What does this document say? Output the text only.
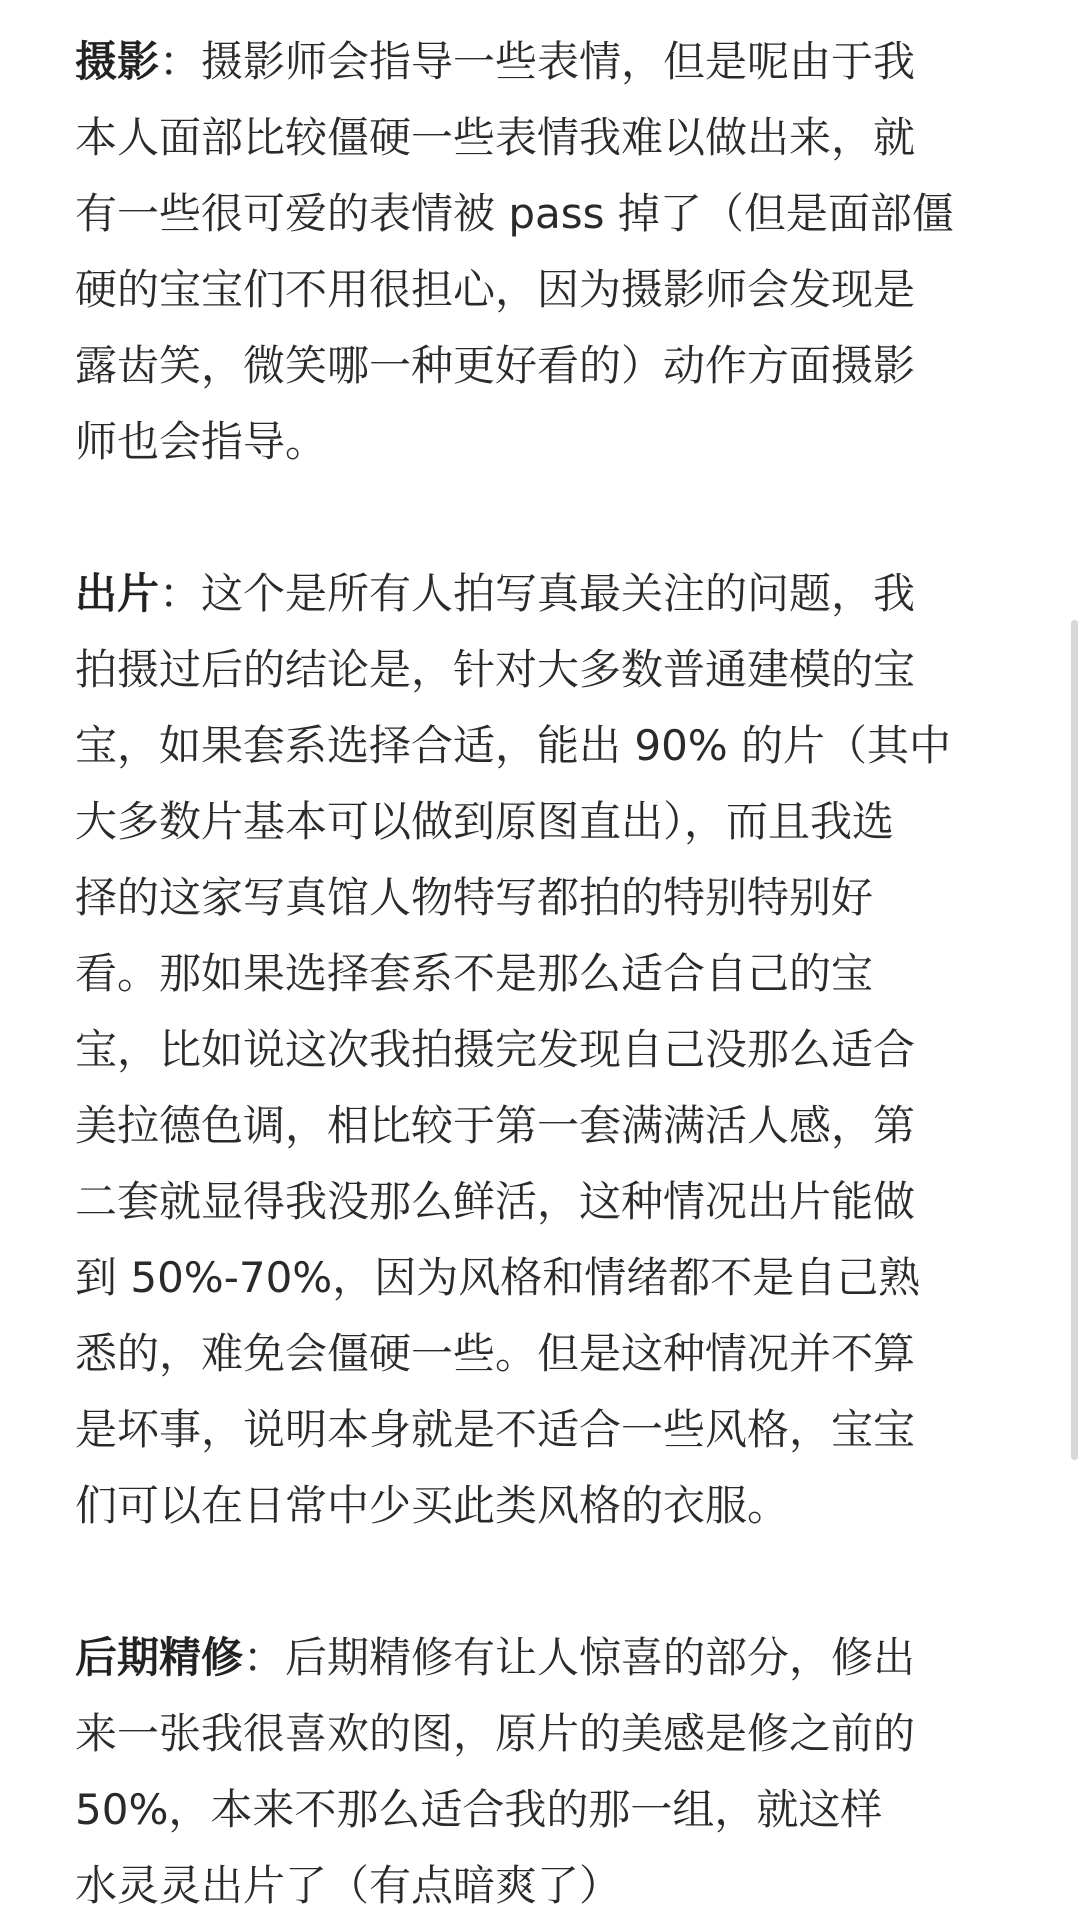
摄影：摄影师会指导一些表情，但是呢由于我
本人面部比较僵硬一些表情我难以做出来，就
有一些很可爱的表情被 pass 掉了（但是面部僵
硬的宝宝们不用很担心，因为摄影师会发现是
露齿笑，微笑哪一种更好看的）动作方面摄影
师也会指导。
出片：这个是所有人拍写真最关注的问题，我
拍摄过后的结论是，针对大多数普通建模的宝
宝，如果套系选择合适，能出 90% 的片（其中
大多数片基本可以做到原图直出），而且我选
择的这家写真馆人物特写都拍的特别特别好
看。那如果选择套系不是那么适合自己的宝
宝，比如说这次我拍摄完发现自己没那么适合
美拉德色调，相比较于第一套满满活人感，第
二套就显得我没那么鲜活，这种情况出片能做
到 50%-70%，因为风格和情绪都不是自己熟
悉的，难免会僵硬一些。但是这种情况并不算
是坏事，说明本身就是不适合一些风格，宝宝
们可以在日常中少买此类风格的衣服。
后期精修：后期精修有让人惊喜的部分，修出
来一张我很喜欢的图，原片的美感是修之前的
50%，本来不那么适合我的那一组，就这样
水灵灵出片了（有点暗爽了）
